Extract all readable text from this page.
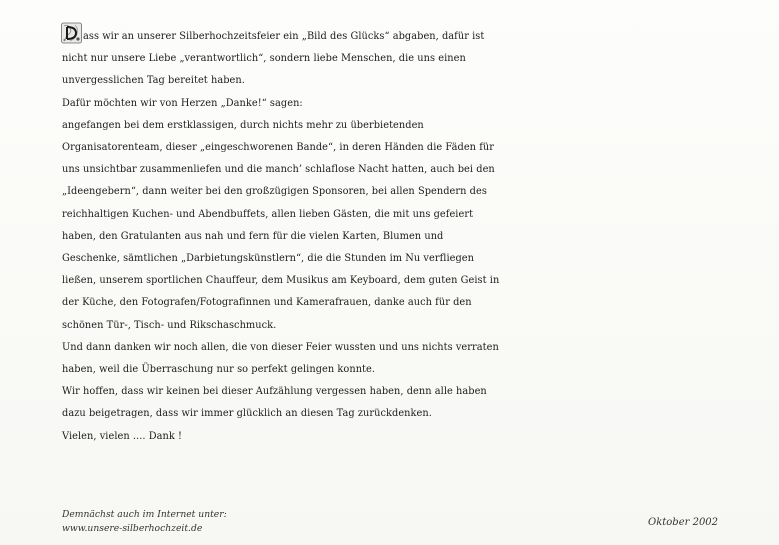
ass wir an unserer Silberhochzeitsfeier ein „Bild des Glücks“ abgaben, dafür ist
nicht nur unsere Liebe „verantwortlich“, sondern liebe Menschen, die uns einen
unvergesslichen Tag bereitet haben.
Dafür möchten wir von Herzen „Danke!“ sagen:
angefangen bei dem erstklassigen, durch nichts mehr zu überbietenden
Organisatorenteam, dieser „eingeschworenen Bande“, in deren Händen die Fäden für
uns unsichtbar zusammenliefen und die manch’ schlaflose Nacht hatten, auch bei den
„Ideengebern“, dann weiter bei den großzügigen Sponsoren, bei allen Spendern des
reichhaltigen Kuchen- und Abendbuffets, allen lieben Gästen, die mit uns gefeiert
haben, den Gratulanten aus nah und fern für die vielen Karten, Blumen und
Geschenke, sämtlichen „Darbietungskünstlern“, die die Stunden im Nu verfliegen
ließen, unserem sportlichen Chauffeur, dem Musikus am Keyboard, dem guten Geist in
der Küche, den Fotografen/Fotografinnen und Kamerafrauen, danke auch für den
schönen Tür-, Tisch- und Rikschaschmuck.
Und dann danken wir noch allen, die von dieser Feier wussten und uns nichts verraten
haben, weil die Überraschung nur so perfekt gelingen konnte.
Wir hoffen, dass wir keinen bei dieser Aufzählung vergessen haben, denn alle haben
dazu beigetragen, dass wir immer glücklich an diesen Tag zurückdenken.
Vielen, vielen .... Dank !
Demnächst auch im Internet unter:
www.unsere-silberhochzeit.de
Oktober 2002
